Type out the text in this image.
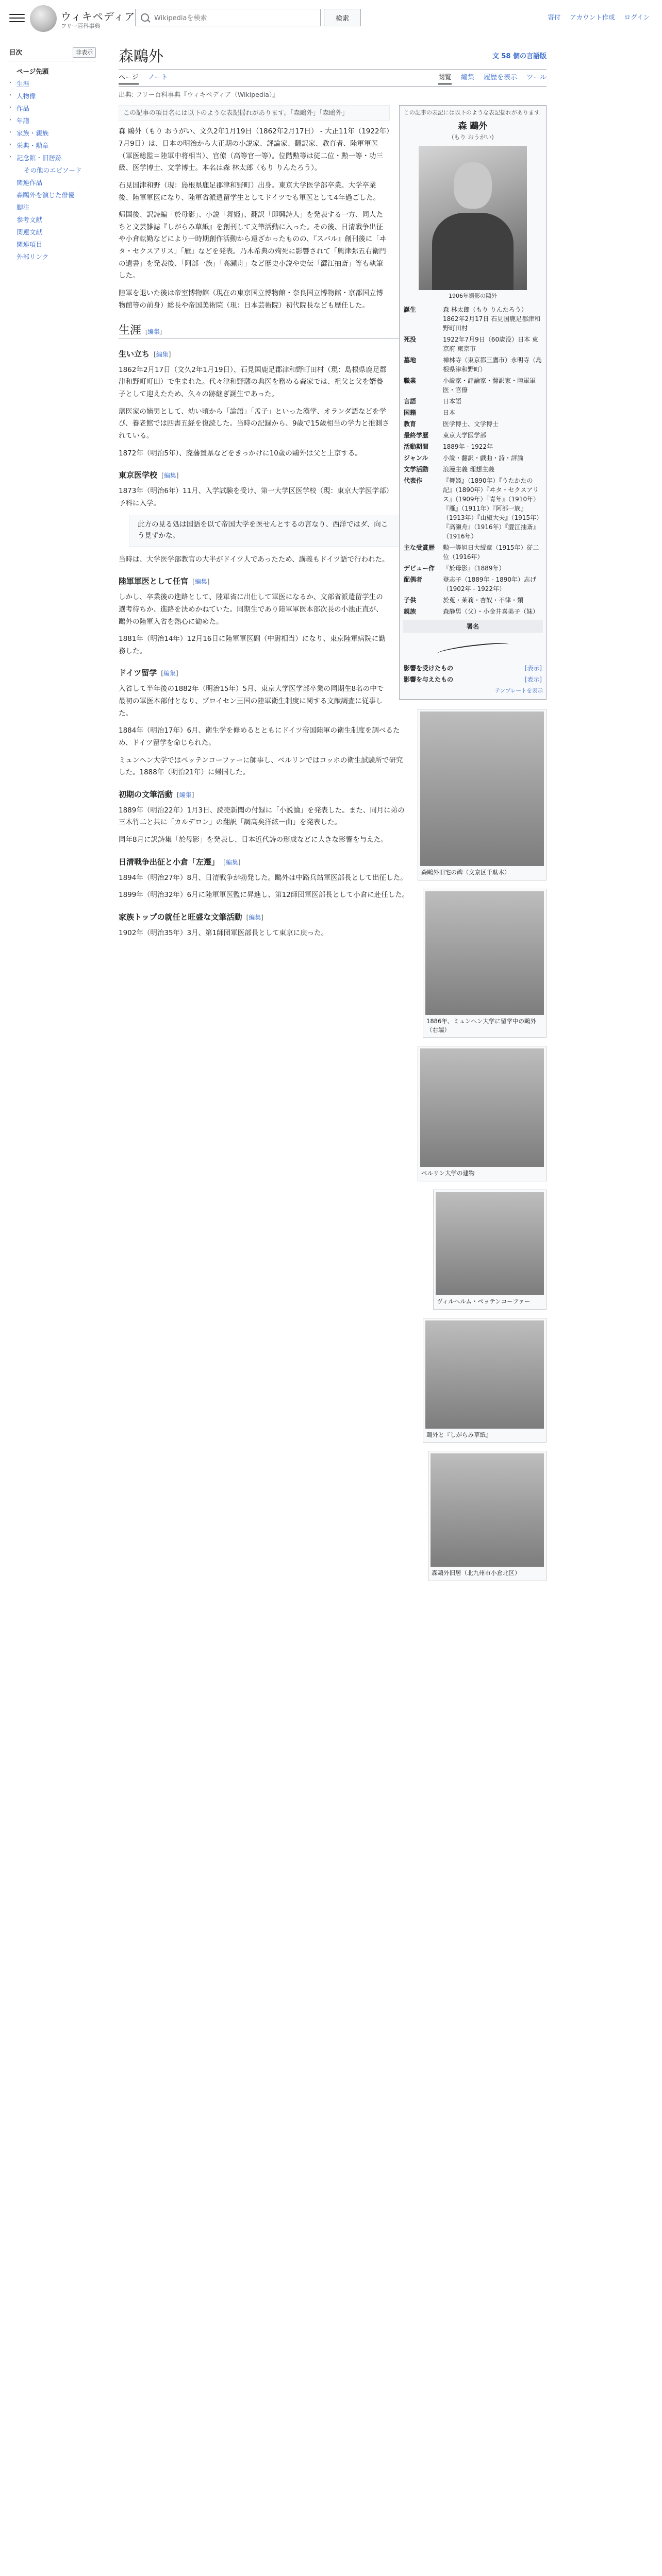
ウィキペディア
フリー百科事典
Wikipediaを検索
検索	寄付 アカウント作成 ログイン
目次	非表示
ページ先頭
› 生涯
› 人物像
› 作品
› 年譜
› 家族・親族
› 栄典・勲章
› 記念館・旧居跡
その他のエピソード
関連作品
森鷗外を演じた俳優
脚注
参考文献
関連文献
関連項目
外部リンク
森鷗外	文 58 個の言語版
ページ ノート	閲覧 編集 履歴を表示 ツール
出典: フリー百科事典『ウィキペディア（Wikipedia）』
この記事の表記には以下のような表記揺れがあります
森 鷗外
(もり おうがい)
1906年撮影の鷗外
誕生	森 林太郎（もり りんたろう）1862年2月17日 石見国鹿足郡津和野町田村
死没	1922年7月9日（60歳没）日本 東京府 東京市
墓地	禅林寺（東京都三鷹市）永明寺（島根県津和野町）
職業	小説家・評論家・翻訳家・陸軍軍医・官僚
言語	日本語
国籍	日本
教育	医学博士、文学博士
最終学歴	東京大学医学部
活動期間	1889年 - 1922年
ジャンル	小説・翻訳・戯曲・詩・評論
文学活動	浪漫主義 理想主義
代表作	『舞姫』（1890年）『うたかたの記』（1890年）『ヰタ・セクスアリス』（1909年）『青年』（1910年）『雁』（1911年）『阿部一族』（1913年）『山椒大夫』（1915年）『高瀬舟』（1916年）『澀江抽斎』（1916年）
主な受賞歴	勲一等旭日大綬章（1915年）従二位（1916年）
デビュー作	『於母影』（1889年）
配偶者	登志子（1889年 - 1890年）志げ（1902年 - 1922年）
子供	於菟・茉莉・杏奴・不律・類
親族	森静男（父）・小金井喜美子（妹）
署名
影響を受けたもの	[表示]
影響を与えたもの	[表示]
テンプレートを表示
この記事の項目名には以下のような表記揺れがあります。「森鷗外」「森鴎外」

森 鷗外（もり おうがい、文久2年1月19日（1862年2月17日） - 大正11年（1922年）7月9日）は、日本の明治から大正期の小説家、評論家、翻訳家、教育者、陸軍軍医（軍医総監＝陸軍中将相当）、官僚（高等官一等）。位階勲等は従二位・勲一等・功三級、医学博士、文学博士。本名は森 林太郎（もり りんたろう）。

石見国津和野（現：島根県鹿足郡津和野町）出身。東京大学医学部卒業。大学卒業後、陸軍軍医になり、陸軍省派遣留学生としてドイツでも軍医として4年過ごした。

帰国後、訳詩編「於母影」、小説「舞姫」、翻訳「即興詩人」を発表する一方、同人たちと文芸雑誌『しがらみ草紙』を創刊して文筆活動に入った。その後、日清戦争出征や小倉転勤などにより一時期創作活動から遠ざかったものの、『スバル』創刊後に「ヰタ・セクスアリス」「雁」などを発表。乃木希典の殉死に影響されて「興津弥五右衛門の遺書」を発表後、「阿部一族」「高瀬舟」など歴史小説や史伝「澀江抽斎」等も執筆した。

陸軍を退いた後は帝室博物館（現在の東京国立博物館・奈良国立博物館・京都国立博物館等の前身）総長や帝国美術院（現：日本芸術院）初代院長なども歴任した。

生涯 [編集]
森鷗外旧宅の碑（文京区千駄木）
生い立ち [編集]

1862年2月17日（文久2年1月19日）、石見国鹿足郡津和野町田村（現：島根県鹿足郡津和野町町田）で生まれた。代々津和野藩の典医を務める森家では、祖父と父を婿養子として迎えたため、久々の跡継ぎ誕生であった。

藩医家の嫡男として、幼い頃から「論語」「孟子」といった漢学、オランダ語などを学び、養老館では四書五経を復読した。当時の記録から、9歳で15歳相当の学力と推測されている。

1872年（明治5年）、廃藩置県などをきっかけに10歳の鷗外は父と上京する。

1886年、ミュンヘン大学に留学中の鷗外（右端）
東京医学校 [編集]

1873年（明治6年）11月、入学試験を受け、第一大学区医学校（現：東京大学医学部）予科に入学。

此方の見る処は国語を以て帝国大学を医せんとするの言なり、西洋ではダ、向こう見ずかな。

当時は、大学医学部教官の大半がドイツ人であったため、講義もドイツ語で行われた。

ベルリン大学の建物
陸軍軍医として任官 [編集]

しかし、卒業後の進路として、陸軍省に出仕して軍医になるか、文部省派遣留学生の選考待ちか、進路を決めかねていた。同期生であり陸軍軍医本部次長の小池正直が、鷗外の陸軍入省を熱心に勧めた。

1881年（明治14年）12月16日に陸軍軍医副（中尉相当）になり、東京陸軍病院に勤務した。

ヴィルヘルム・ペッテンコーファー
ドイツ留学 [編集]

入省して半年後の1882年（明治15年）5月、東京大学医学部卒業の同期生8名の中で最初の軍医本部付となり、プロイセン王国の陸軍衛生制度に関する文献調査に従事した。

1884年（明治17年）6月、衛生学を修めるとともにドイツ帝国陸軍の衛生制度を調べるため、ドイツ留学を命じられた。

ミュンヘン大学ではペッテンコーファーに師事し、ベルリンではコッホの衛生試験所で研究した。1888年（明治21年）に帰国した。

鴎外と『しがらみ草紙』
初期の文筆活動 [編集]

1889年（明治22年）1月3日、読売新聞の付録に「小説論」を発表した。また、同月に弟の三木竹二と共に「カルデロン」の翻訳「調高矣洋絃一曲」を発表した。

同年8月に訳詩集「於母影」を発表し、日本近代詩の形成などに大きな影響を与えた。

森鷗外旧居（北九州市小倉北区）
日清戦争出征と小倉「左遷」 [編集]

1894年（明治27年）8月、日清戦争が勃発した。鷗外は中路兵站軍医部長として出征した。

1899年（明治32年）6月に陸軍軍医監に昇進し、第12師団軍医部長として小倉に赴任した。

家族トップの就任と旺盛な文筆活動 [編集]

1902年（明治35年）3月、第1師団軍医部長として東京に戻った。
